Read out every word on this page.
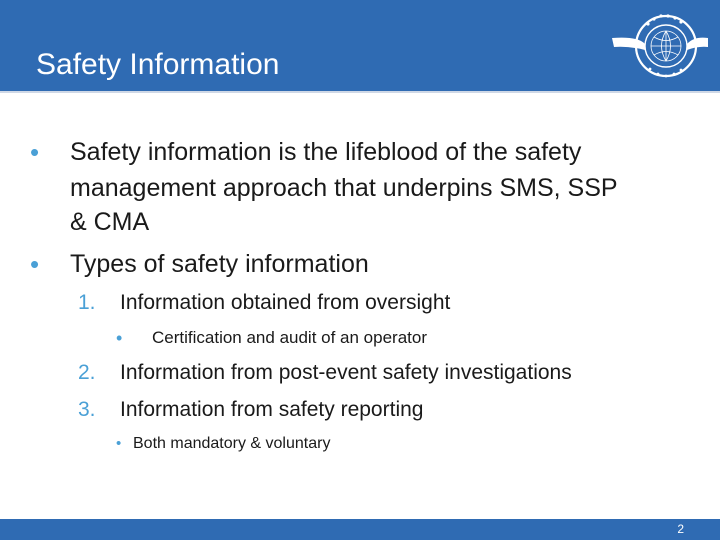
Safety Information
• Safety information is the lifeblood of the safety
management approach that underpins SMS, SSP
& CMA
• Types of safety information
1. Information obtained from oversight
• Certification and audit of an operator
2. Information from post-event safety investigations
3. Information from safety reporting
• Both mandatory & voluntary
2
